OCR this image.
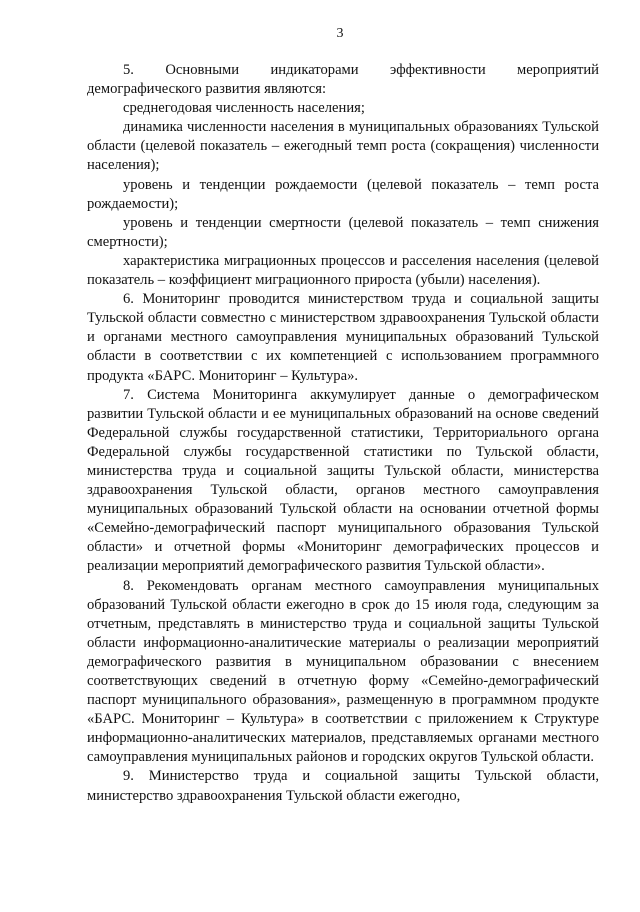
3

5. Основными индикаторами эффективности мероприятий демографического развития являются:

среднегодовая численность населения;

динамика численности населения в муниципальных образованиях Тульской области (целевой показатель – ежегодный темп роста (сокращения) численности населения);

уровень и тенденции рождаемости (целевой показатель – темп роста рождаемости);

уровень и тенденции смертности (целевой показатель – темп снижения смертности);

характеристика миграционных процессов и расселения населения (целевой показатель – коэффициент миграционного прироста (убыли) населения).

6. Мониторинг проводится министерством труда и социальной защиты Тульской области совместно с министерством здравоохранения Тульской области и органами местного самоуправления муниципальных образований Тульской области в соответствии с их компетенцией с использованием программного продукта «БАРС. Мониторинг – Культура».

7. Система Мониторинга аккумулирует данные о демографическом развитии Тульской области и ее муниципальных образований на основе сведений Федеральной службы государственной статистики, Территориального органа Федеральной службы государственной статистики по Тульской области, министерства труда и социальной защиты Тульской области, министерства здравоохранения Тульской области, органов местного самоуправления муниципальных образований Тульской области на основании отчетной формы «Семейно-демографический паспорт муниципального образования Тульской области» и отчетной формы «Мониторинг демографических процессов и реализации мероприятий демографического развития Тульской области».

8. Рекомендовать органам местного самоуправления муниципальных образований Тульской области ежегодно в срок до 15 июля года, следующим за отчетным, представлять в министерство труда и социальной защиты Тульской области информационно-аналитические материалы о реализации мероприятий демографического развития в муниципальном образовании с внесением соответствующих сведений в отчетную форму «Семейно-демографический паспорт муниципального образования», размещенную в программном продукте «БАРС. Мониторинг – Культура» в соответствии с приложением к Структуре информационно-аналитических материалов, представляемых органами местного самоуправления муниципальных районов и городских округов Тульской области.

9. Министерство труда и социальной защиты Тульской области, министерство здравоохранения Тульской области ежегодно,
